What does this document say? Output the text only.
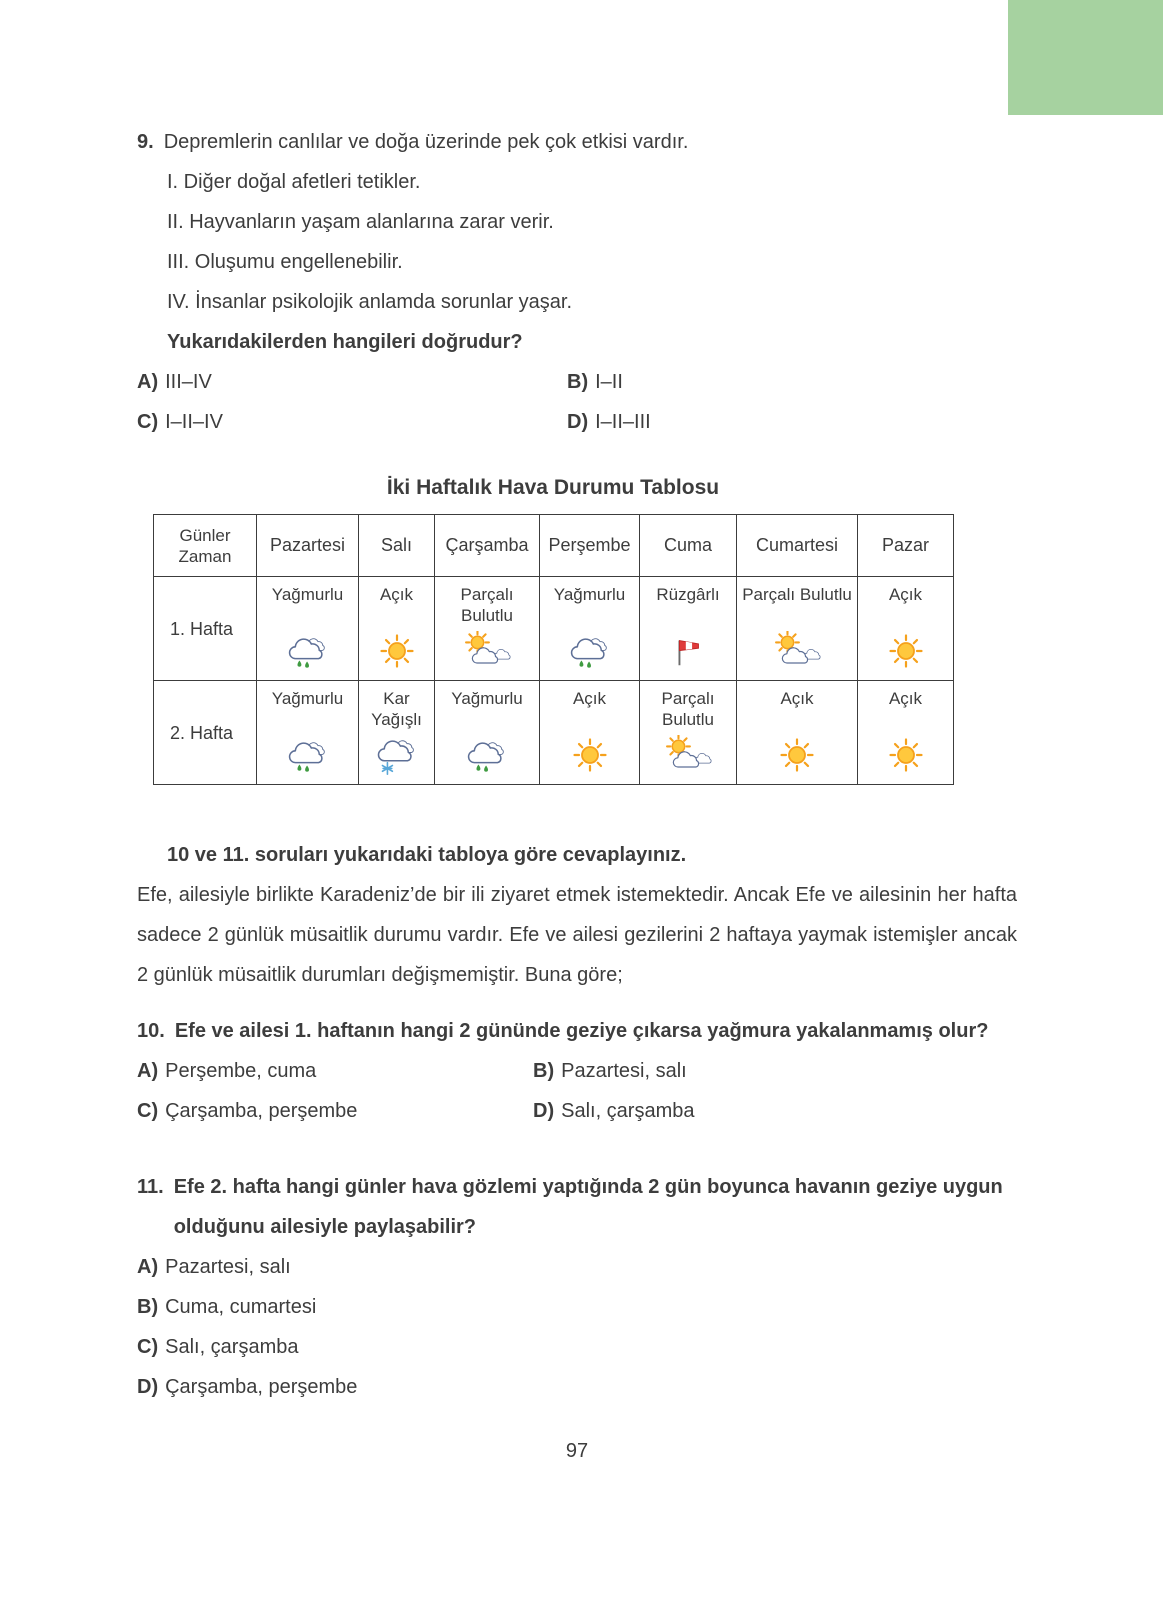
9. Depremlerin canlılar ve doğa üzerinde pek çok etkisi vardır.
I. Diğer doğal afetleri tetikler.
II. Hayvanların yaşam alanlarına zarar verir.
III. Oluşumu engellenebilir.
IV. İnsanlar psikolojik anlamda sorunlar yaşar.
Yukarıdakilerden hangileri doğrudur?
A) III–IV	B) I–II
C) I–II–IV	D) I–II–III
İki Haftalık Hava Durumu Tablosu
Günler
Zaman	Pazartesi	Salı	Çarşamba	Perşembe	Cuma	Cumartesi	Pazar
1. Hafta	Yağmurlu	Açık	Parçalı Bulutlu	Yağmurlu	Rüzgârlı	Parçalı Bulutlu	Açık

2. Hafta	Yağmurlu	Kar Yağışlı	Yağmurlu	Açık	Parçalı Bulutlu	Açık	Açık
10 ve 11. soruları yukarıdaki tabloya göre cevaplayınız.

Efe, ailesiyle birlikte Karadeniz’de bir ili ziyaret etmek istemektedir. Ancak Efe ve ailesinin her hafta sadece 2 günlük müsaitlik durumu vardır. Efe ve ailesi gezilerini 2 haftaya yaymak istemişler ancak 2 günlük müsaitlik durumları değişmemiştir. Buna göre;

10. Efe ve ailesi 1. haftanın hangi 2 gününde geziye çıkarsa yağmura yakalanmamış olur?
A) Perşembe, cuma	B) Pazartesi, salı
C) Çarşamba, perşembe	D) Salı, çarşamba
11. Efe 2. hafta hangi günler hava gözlemi yaptığında 2 gün boyunca havanın geziye uygun olduğunu ailesiyle paylaşabilir?
A) Pazartesi, salı
B) Cuma, cumartesi
C) Salı, çarşamba
D) Çarşamba, perşembe
97
